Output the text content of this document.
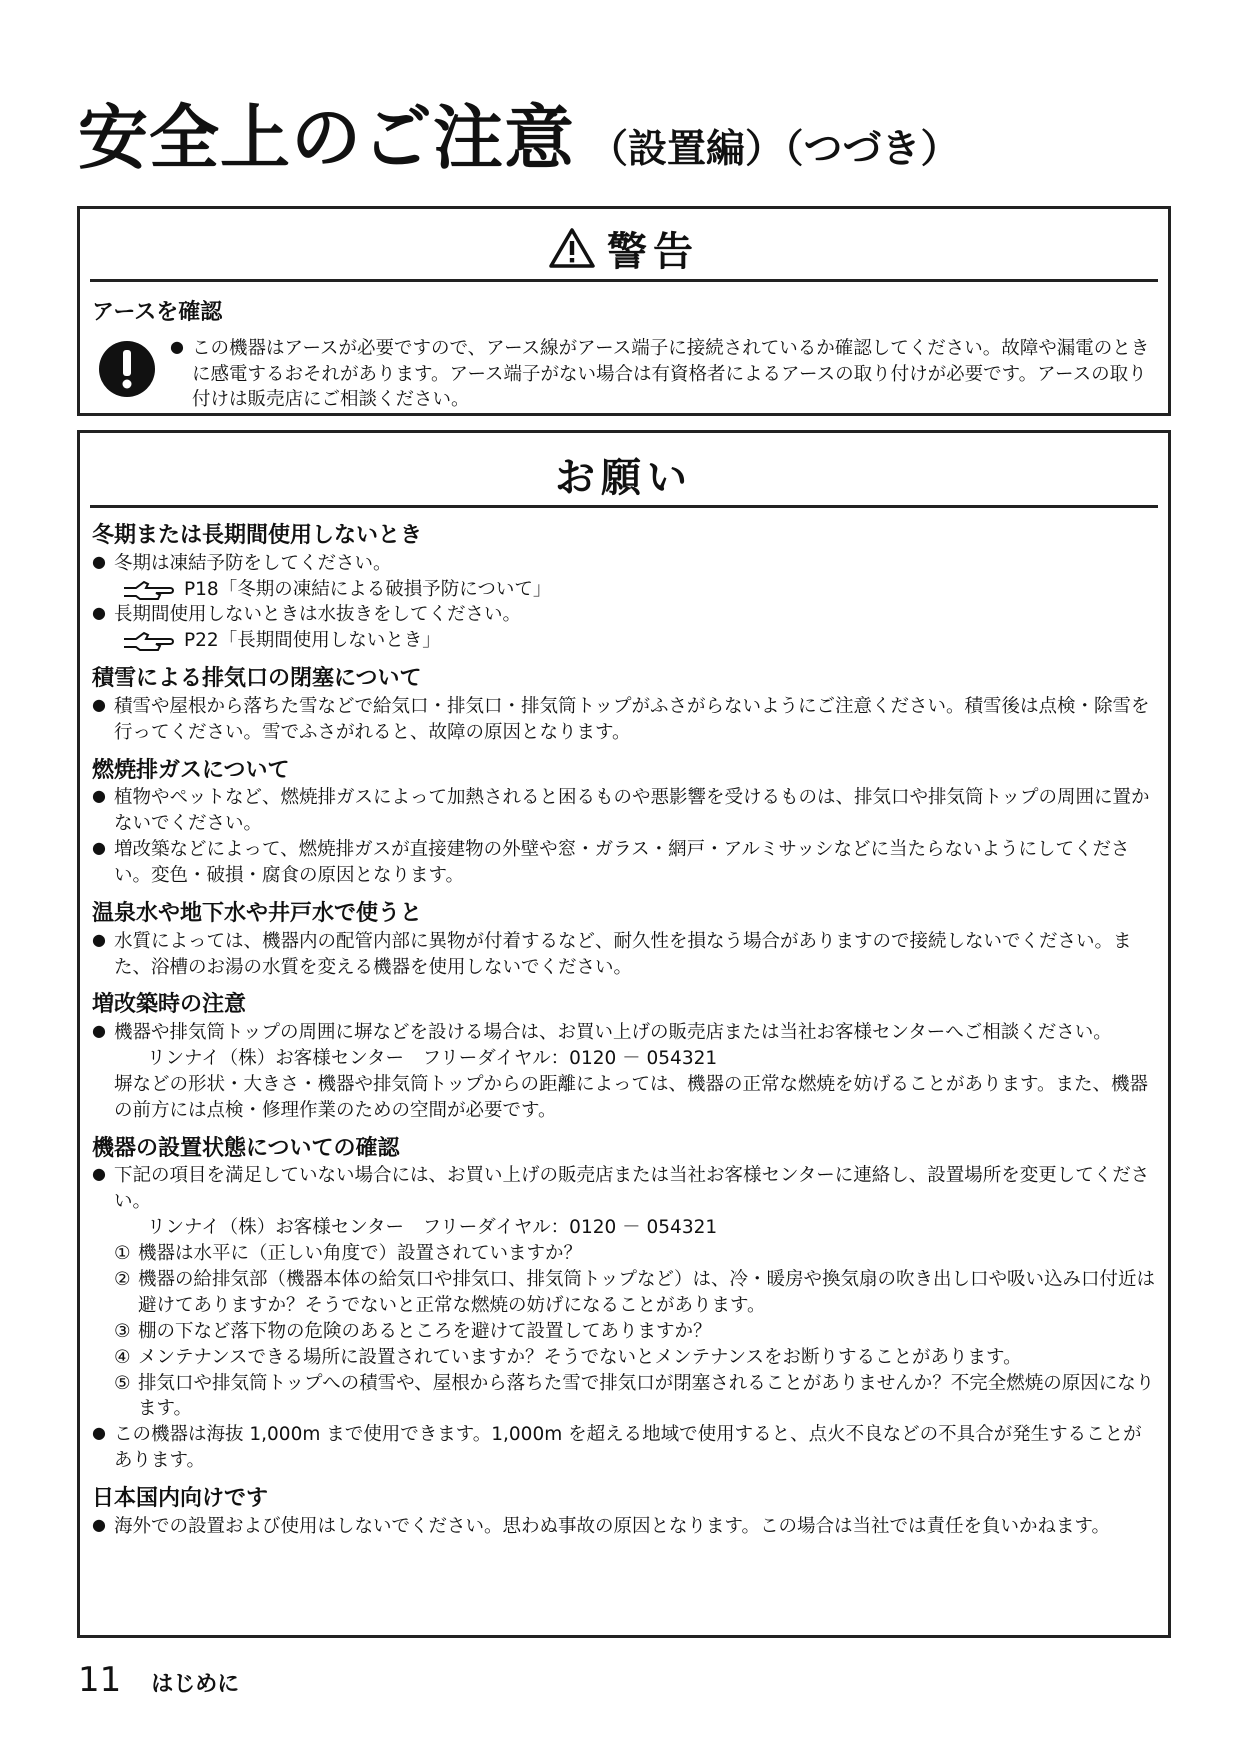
安全上のご注意 （設置編）（つづき）
警告

アースを確認

● この機器はアースが必要ですので、アース線がアース端子に接続されているか確認してください。故障や漏電のときに感電するおそれがあります。アース端子がない場合は有資格者によるアースの取り付けが必要です。アースの取り付けは販売店にご相談ください。
お願い

冬期または長期間使用しないとき

● 冬期は凍結予防をしてください。
P18「冬期の凍結による破損予防について」
● 長期間使用しないときは水抜きをしてください。
P22「長期間使用しないとき」

積雪による排気口の閉塞について

● 積雪や屋根から落ちた雪などで給気口・排気口・排気筒トップがふさがらないようにご注意ください。積雪後は点検・除雪を行ってください。雪でふさがれると、故障の原因となります。

燃焼排ガスについて

● 植物やペットなど、燃焼排ガスによって加熱されると困るものや悪影響を受けるものは、排気口や排気筒トップの周囲に置かないでください。
● 増改築などによって、燃焼排ガスが直接建物の外壁や窓・ガラス・網戸・アルミサッシなどに当たらないようにしてください。変色・破損・腐食の原因となります。

温泉水や地下水や井戸水で使うと

● 水質によっては、機器内の配管内部に異物が付着するなど、耐久性を損なう場合がありますので接続しないでください。また、浴槽のお湯の水質を変える機器を使用しないでください。

増改築時の注意

● 機器や排気筒トップの周囲に塀などを設ける場合は、お買い上げの販売店または当社お客様センターへご相談ください。
リンナイ（株）お客様センター　フリーダイヤル：0120 － 054321
塀などの形状・大きさ・機器や排気筒トップからの距離によっては、機器の正常な燃焼を妨げることがあります。また、機器の前方には点検・修理作業のための空間が必要です。

機器の設置状態についての確認

● 下記の項目を満足していない場合には、お買い上げの販売店または当社お客様センターに連絡し、設置場所を変更してください。
リンナイ（株）お客様センター　フリーダイヤル：0120 － 054321
① 機器は水平に（正しい角度で）設置されていますか？
② 機器の給排気部（機器本体の給気口や排気口、排気筒トップなど）は、冷・暖房や換気扇の吹き出し口や吸い込み口付近は避けてありますか？そうでないと正常な燃焼の妨げになることがあります。
③ 棚の下など落下物の危険のあるところを避けて設置してありますか？
④ メンテナンスできる場所に設置されていますか？そうでないとメンテナンスをお断りすることがあります。
⑤ 排気口や排気筒トップへの積雪や、屋根から落ちた雪で排気口が閉塞されることがありませんか？不完全燃焼の原因になります。
● この機器は海抜 1,000m まで使用できます。1,000m を超える地域で使用すると、点火不良などの不具合が発生することがあります。

日本国内向けです

● 海外での設置および使用はしないでください。思わぬ事故の原因となります。この場合は当社では責任を負いかねます。
11 はじめに
